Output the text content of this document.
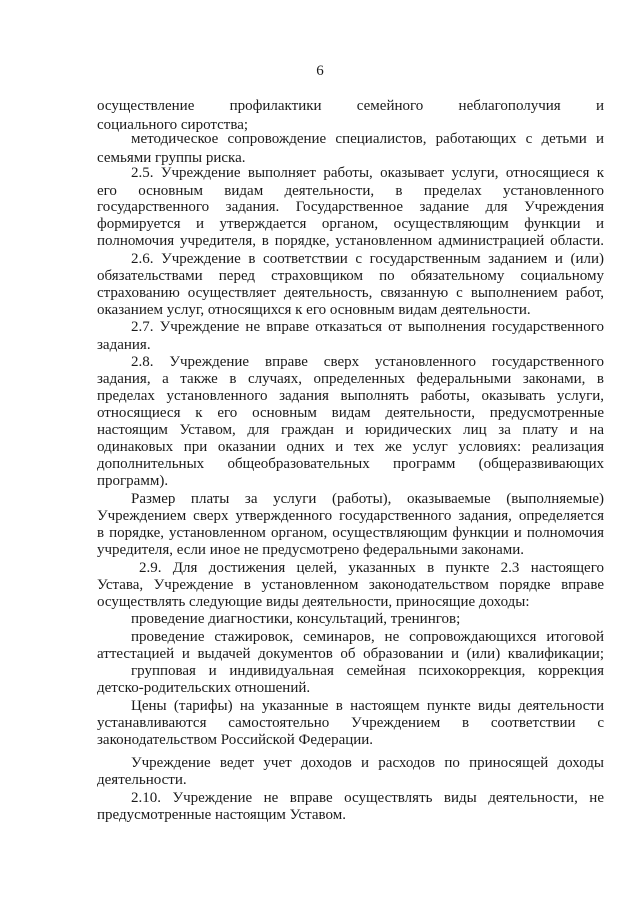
6
осуществление профилактики семейного неблагополучия и
социального сиротства;
методическое сопровождение специалистов, работающих с детьми и
семьями группы риска.
2.5. Учреждение выполняет работы, оказывает услуги, относящиеся к
его основным видам деятельности, в пределах установленного
государственного задания. Государственное задание для Учреждения
формируется и утверждается органом, осуществляющим функции и
полномочия учредителя, в порядке, установленном администрацией области.
2.6. Учреждение в соответствии с государственным заданием и (или)
обязательствами перед страховщиком по обязательному социальному
страхованию осуществляет деятельность, связанную с выполнением работ,
оказанием услуг, относящихся к его основным видам деятельности.
2.7. Учреждение не вправе отказаться от выполнения государственного
задания.
2.8. Учреждение вправе сверх установленного государственного
задания, а также в случаях, определенных федеральными законами, в
пределах установленного задания выполнять работы, оказывать услуги,
относящиеся к его основным видам деятельности, предусмотренные
настоящим Уставом, для граждан и юридических лиц за плату и на
одинаковых при оказании одних и тех же услуг условиях: реализация
дополнительных общеобразовательных программ (общеразвивающих
программ).
Размер платы за услуги (работы), оказываемые (выполняемые)
Учреждением сверх утвержденного государственного задания, определяется
в порядке, установленном органом, осуществляющим функции и полномочия
учредителя, если иное не предусмотрено федеральными законами.
2.9. Для достижения целей, указанных в пункте 2.3 настоящего
Устава, Учреждение в установленном законодательством порядке вправе
осуществлять следующие виды деятельности, приносящие доходы:
проведение диагностики, консультаций, тренингов;
проведение стажировок, семинаров, не сопровождающихся итоговой
аттестацией и выдачей документов об образовании и (или) квалификации;
групповая и индивидуальная семейная психокоррекция, коррекция
детско-родительских отношений.
Цены (тарифы) на указанные в настоящем пункте виды деятельности
устанавливаются самостоятельно Учреждением в соответствии с
законодательством Российской Федерации.
Учреждение ведет учет доходов и расходов по приносящей доходы
деятельности.
2.10. Учреждение не вправе осуществлять виды деятельности, не
предусмотренные настоящим Уставом.
